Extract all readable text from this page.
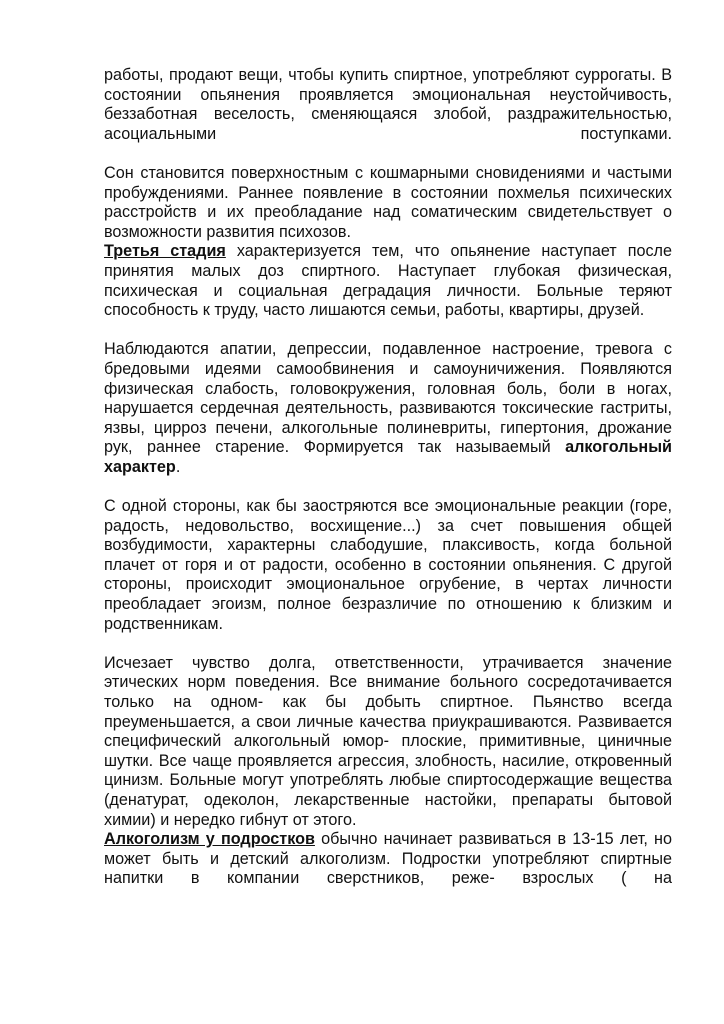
работы, продают вещи, чтобы купить спиртное, употребляют суррогаты. В состоянии опьянения проявляется эмоциональная неустойчивость, беззаботная веселость, сменяющаяся злобой, раздражительностью, асоциальными поступками.

Сон становится поверхностным с кошмарными сновидениями и частыми пробуждениями. Раннее появление в состоянии похмелья психических расстройств и их преобладание над соматическим свидетельствует о возможности развития психозов.

Третья стадия характеризуется тем, что опьянение наступает после принятия малых доз спиртного. Наступает глубокая физическая, психическая и социальная деградация личности. Больные теряют способность к труду, часто лишаются семьи, работы, квартиры, друзей.

Наблюдаются апатии, депрессии, подавленное настроение, тревога с бредовыми идеями самообвинения и самоуничижения. Появляются физическая слабость, головокружения, головная боль, боли в ногах, нарушается сердечная деятельность, развиваются токсические гастриты, язвы, цирроз печени, алкогольные полиневриты, гипертония, дрожание рук, раннее старение. Формируется так называемый алкогольный характер.

С одной стороны, как бы заостряются все эмоциональные реакции (горе, радость, недовольство, восхищение...) за счет повышения общей возбудимости, характерны слабодушие, плаксивость, когда больной плачет от горя и от радости, особенно в состоянии опьянения. С другой стороны, происходит эмоциональное огрубение, в чертах личности преобладает эгоизм, полное безразличие по отношению к близким и родственникам.

Исчезает чувство долга, ответственности, утрачивается значение этических норм поведения. Все внимание больного сосредотачивается только на одном- как бы добыть спиртное. Пьянство всегда преуменьшается, а свои личные качества приукрашиваются. Развивается специфический алкогольный юмор- плоские, примитивные, циничные шутки. Все чаще проявляется агрессия, злобность, насилие, откровенный цинизм. Больные могут употреблять любые спиртосодержащие вещества (денатурат, одеколон, лекарственные настойки, препараты бытовой химии) и нередко гибнут от этого.

Алкоголизм у подростков обычно начинает развиваться в 13-15 лет, но может быть и детский алкоголизм. Подростки употребляют спиртные напитки в компании сверстников, реже- взрослых ( на
